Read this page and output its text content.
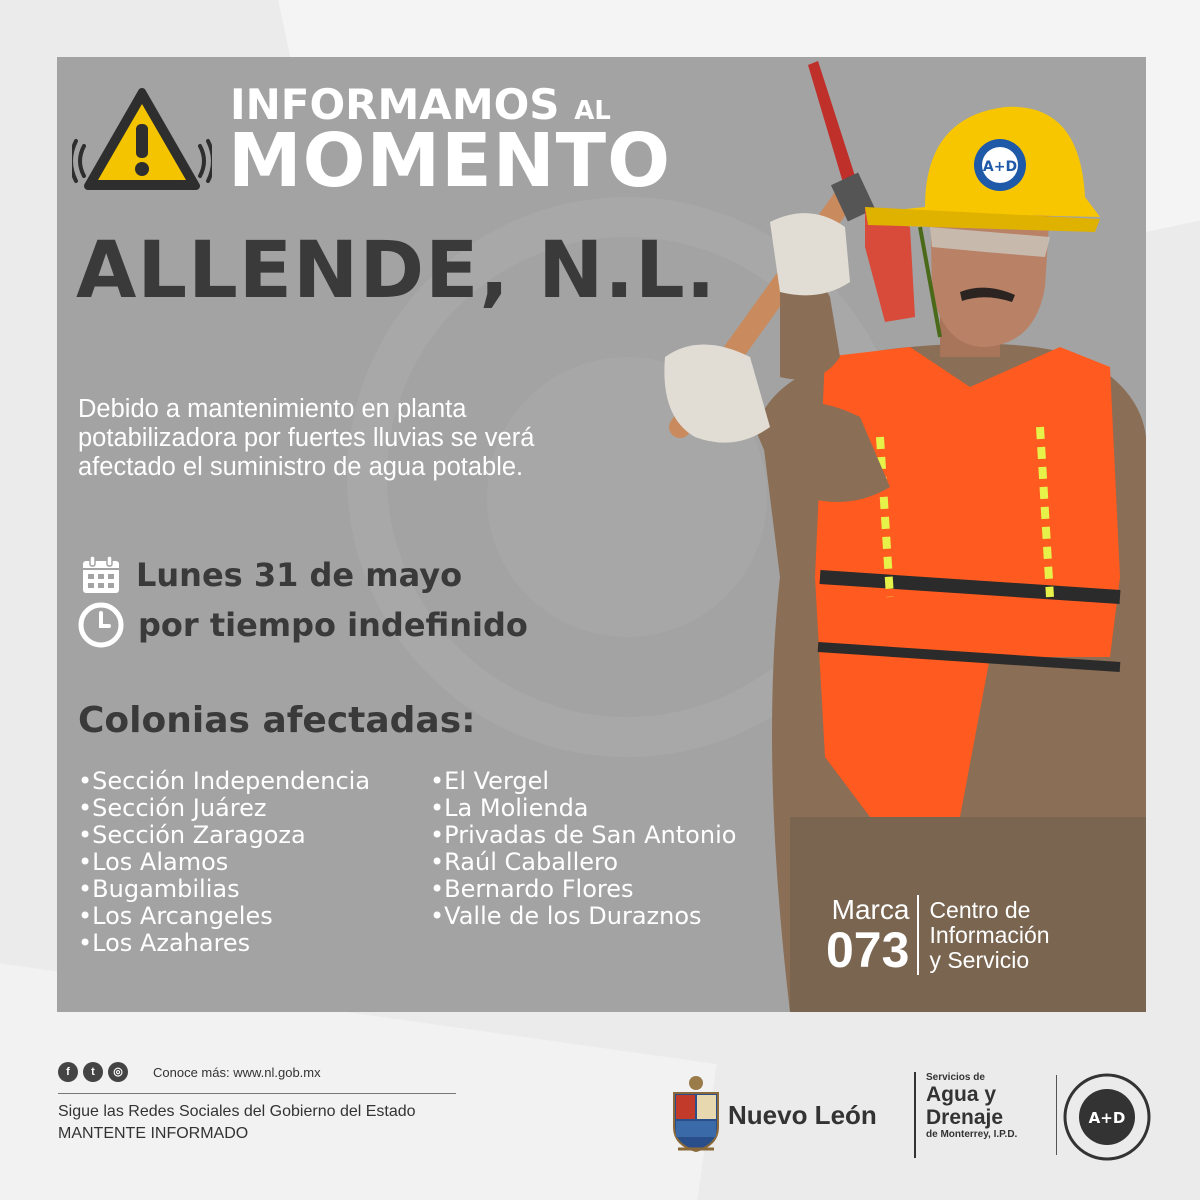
INFORMAMOS AL
MOMENTO
ALLENDE, N.L.
Debido a mantenimiento en planta potabilizadora por fuertes lluvias se verá afectado el suministro de agua potable.
Lunes 31 de mayo
por tiempo indefinido
Colonias afectadas:
•Sección Independencia
•Sección Juárez
•Sección Zaragoza
•Los Alamos
•Bugambilias
•Los Arcangeles
•Los Azahares
•El Vergel
•La Molienda
•Privadas de San Antonio
•Raúl Caballero
•Bernardo Flores
•Valle de los Duraznos
A+D
Marca
073
Centro de
Información
y Servicio
f	t	◎	Conoce más: www.nl.gob.mx
Sigue las Redes Sociales del Gobierno del Estado
MANTENTE INFORMADO
Nuevo León
Servicios de
Agua y
Drenaje
de Monterrey, I.P.D.
A+D
